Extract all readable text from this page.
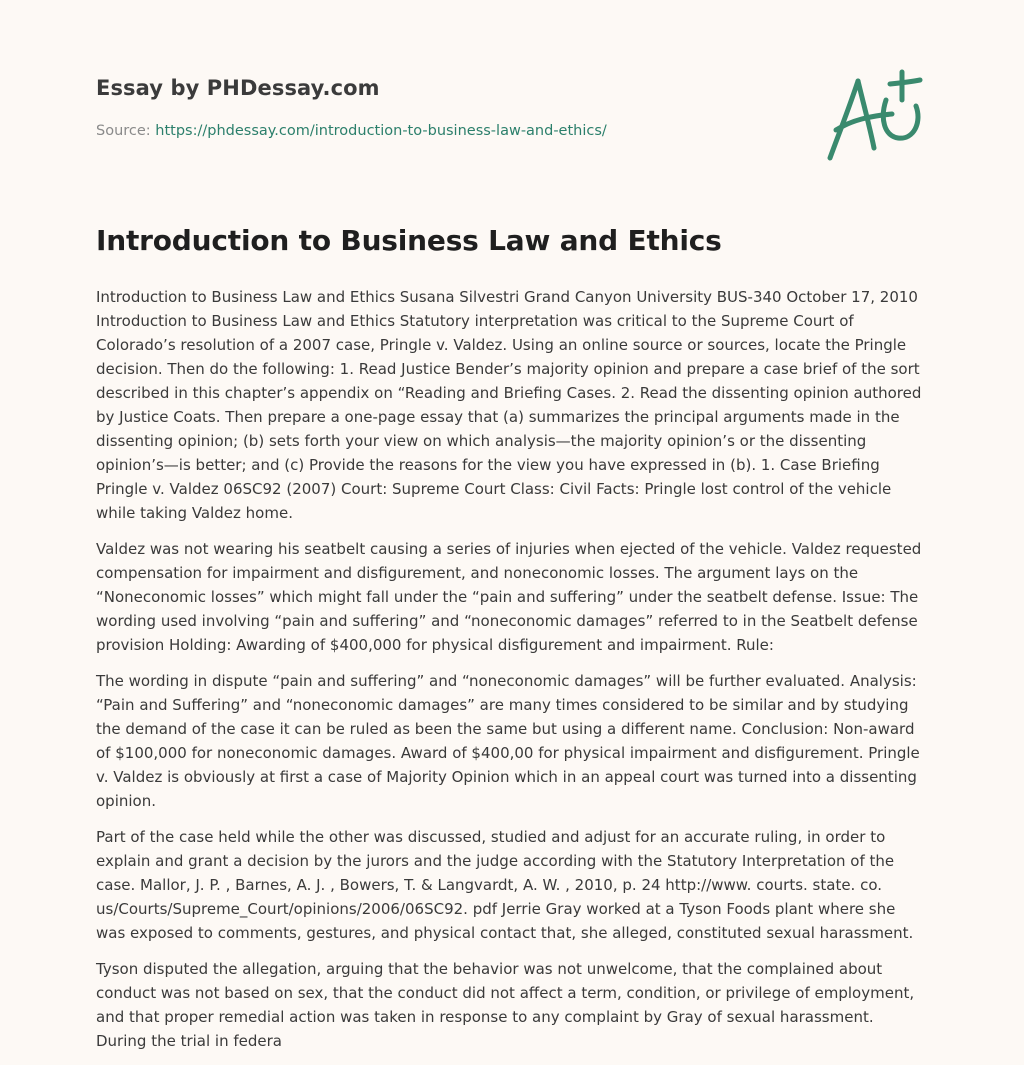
Essay by PHDessay.com
Source: https://phdessay.com/introduction-to-business-law-and-ethics/
Introduction to Business Law and Ethics

Introduction to Business Law and Ethics Susana Silvestri Grand Canyon University BUS-340 October 17, 2010 Introduction to Business Law and Ethics Statutory interpretation was critical to the Supreme Court of Colorado’s resolution of a 2007 case, Pringle v. Valdez. Using an online source or sources, locate the Pringle decision. Then do the following: 1. Read Justice Bender’s majority opinion and prepare a case brief of the sort described in this chapter’s appendix on “Reading and Briefing Cases. 2. Read the dissenting opinion authored by Justice Coats. Then prepare a one-page essay that (a) summarizes the principal arguments made in the dissenting opinion; (b) sets forth your view on which analysis—the majority opinion’s or the dissenting opinion’s—is better; and (c) Provide the reasons for the view you have expressed in (b). 1. Case Briefing Pringle v. Valdez 06SC92 (2007) Court: Supreme Court Class: Civil Facts: Pringle lost control of the vehicle while taking Valdez home.

Valdez was not wearing his seatbelt causing a series of injuries when ejected of the vehicle. Valdez requested compensation for impairment and disfigurement, and noneconomic losses. The argument lays on the “Noneconomic losses” which might fall under the “pain and suffering” under the seatbelt defense. Issue: The wording used involving “pain and suffering” and “noneconomic damages” referred to in the Seatbelt defense provision Holding: Awarding of $400,000 for physical disfigurement and impairment. Rule:

The wording in dispute “pain and suffering” and “noneconomic damages” will be further evaluated. Analysis: “Pain and Suffering” and “noneconomic damages” are many times considered to be similar and by studying the demand of the case it can be ruled as been the same but using a different name. Conclusion: Non-award of $100,000 for noneconomic damages. Award of $400,00 for physical impairment and disfigurement. Pringle v. Valdez is obviously at first a case of Majority Opinion which in an appeal court was turned into a dissenting opinion.

Part of the case held while the other was discussed, studied and adjust for an accurate ruling, in order to explain and grant a decision by the jurors and the judge according with the Statutory Interpretation of the case. Mallor, J. P. , Barnes, A. J. , Bowers, T. & Langvardt, A. W. , 2010, p. 24 http://www. courts. state. co. us/Courts/Supreme_Court/opinions/2006/06SC92. pdf Jerrie Gray worked at a Tyson Foods plant where she was exposed to comments, gestures, and physical contact that, she alleged, constituted sexual harassment.

Tyson disputed the allegation, arguing that the behavior was not unwelcome, that the complained about conduct was not based on sex, that the conduct did not affect a term, condition, or privilege of employment, and that proper remedial action was taken in response to any complaint by Gray of sexual harassment. During the trial in federa
